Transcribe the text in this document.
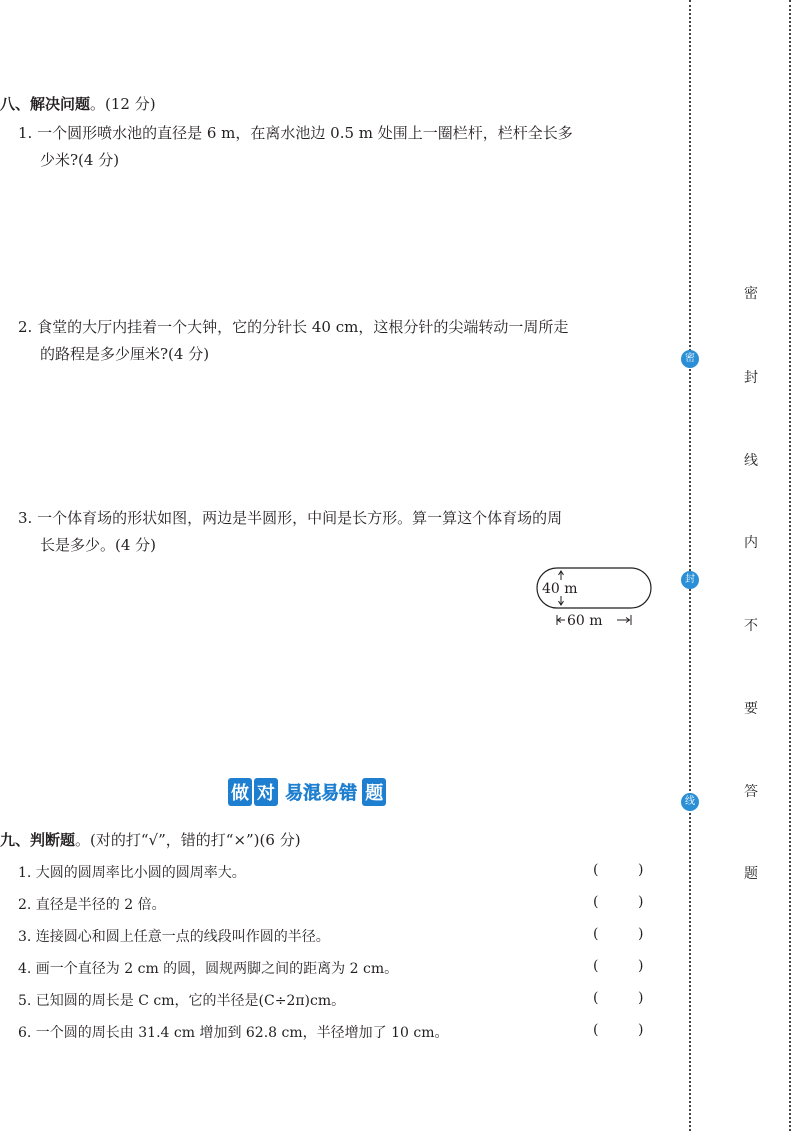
八、解决问题。(12 分)
1. 一个圆形喷水池的直径是 6 m，在离水池边 0.5 m 处围上一圈栏杆，栏杆全长多
少米?(4 分)
2. 食堂的大厅内挂着一个大钟，它的分针长 40 cm，这根分针的尖端转动一周所走
的路程是多少厘米?(4 分)
3. 一个体育场的形状如图，两边是半圆形，中间是长方形。算一算这个体育场的周
长是多少。(4 分)
40 m
60 m
做 对 易混易错 题
九、判断题。(对的打“√”，错的打“×”)(6 分)
1. 大圆的圆周率比小圆的圆周率大。	(	)
2. 直径是半径的 2 倍。	(	)
3. 连接圆心和圆上任意一点的线段叫作圆的半径。	(	)
4. 画一个直径为 2 cm 的圆，圆规两脚之间的距离为 2 cm。	(	)
5. 已知圆的周长是 C cm，它的半径是(C÷2π)cm。	(	)
6. 一个圆的周长由 31.4 cm 增加到 62.8 cm，半径增加了 10 cm。	(	)
密
封
线
密
封
线
内
不
要
答
题
